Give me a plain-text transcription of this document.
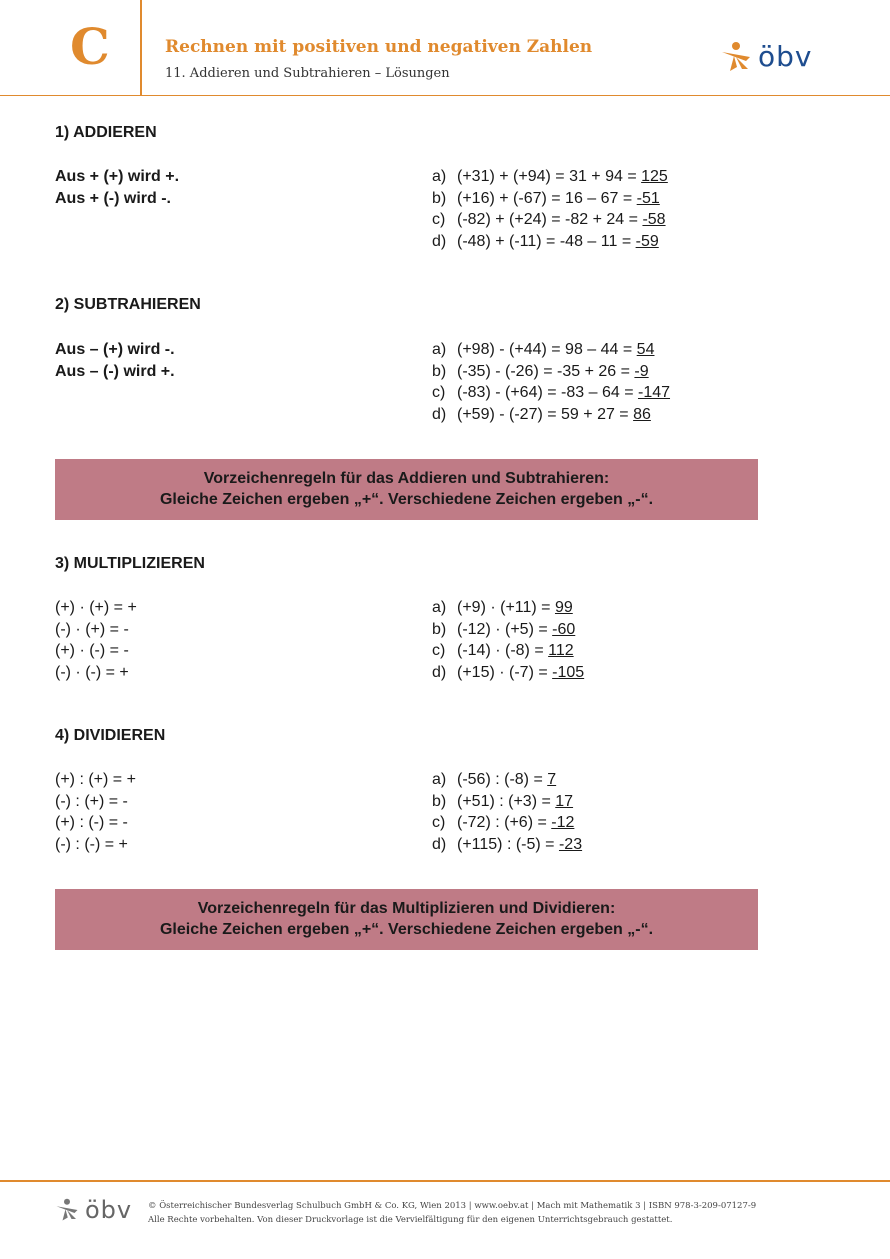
C	Rechnen mit positiven und negativen Zahlen
11. Addieren und Subtrahieren – Lösungen
öbv
1) ADDIEREN
Aus + (+) wird +.
Aus + (-) wird -.
a) (+31) + (+94) = 31 + 94 = 125
b) (+16) + (-67) = 16 – 67 = -51
c) (-82) + (+24) = -82 + 24 = -58
d) (-48) + (-11) = -48 – 11 = -59
2) SUBTRAHIEREN
Aus – (+) wird -.
Aus – (-) wird +.
a) (+98) - (+44) = 98 – 44 = 54
b) (-35) - (-26) = -35 + 26 = -9
c) (-83) - (+64) = -83 – 64 = -147
d) (+59) - (-27) = 59 + 27 = 86
Vorzeichenregeln für das Addieren und Subtrahieren:
Gleiche Zeichen ergeben „+“. Verschiedene Zeichen ergeben „-“.
3) MULTIPLIZIEREN
(+) · (+) = +
(-) · (+) = -
(+) · (-) = -
(-) · (-) = +
a) (+9) · (+11) = 99
b) (-12) · (+5) = -60
c) (-14) · (-8) = 112
d) (+15) · (-7) = -105
4) DIVIDIEREN
(+) : (+) = +
(-) : (+) = -
(+) : (-) = -
(-) : (-) = +
a) (-56) : (-8) = 7
b) (+51) : (+3) = 17
c) (-72) : (+6) = -12
d) (+115) : (-5) = -23
Vorzeichenregeln für das Multiplizieren und Dividieren:
Gleiche Zeichen ergeben „+“. Verschiedene Zeichen ergeben „-“.
öbv © Österreichischer Bundesverlag Schulbuch GmbH & Co. KG, Wien 2013 | www.oebv.at | Mach mit Mathematik 3 | ISBN 978-3-209-07127-9
Alle Rechte vorbehalten. Von dieser Druckvorlage ist die Vervielfältigung für den eigenen Unterrichtsgebrauch gestattet.
